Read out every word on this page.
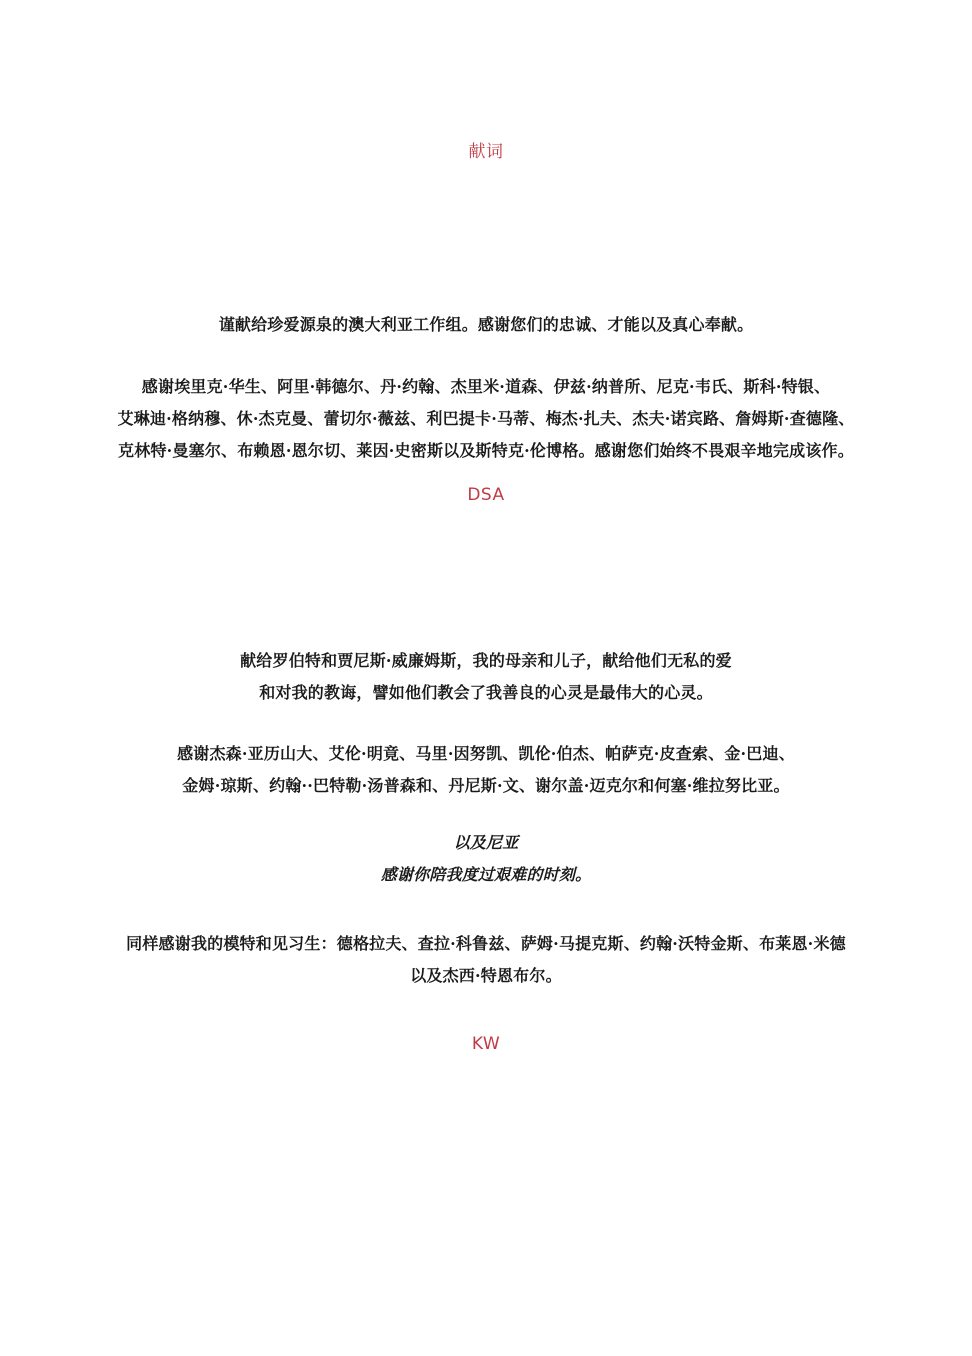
献词
谨献给珍爱源泉的澳大利亚工作组。感谢您们的忠诚、才能以及真心奉献。
感谢埃里克·华生、阿里·韩德尔、丹·约翰、杰里米·道森、伊兹·纳普所、尼克·韦氏、斯科·特银、
艾琳迪·格纳穆、休·杰克曼、蕾切尔·薇兹、利巴提卡·马蒂、梅杰·扎夫、杰夫·诺宾路、詹姆斯·查德隆、
克林特·曼塞尔、布赖恩·恩尔切、莱因·史密斯以及斯特克·伦博格。感谢您们始终不畏艰辛地完成该作。
DSA
献给罗伯特和贾尼斯·威廉姆斯，我的母亲和儿子，献给他们无私的爱
和对我的教诲，譬如他们教会了我善良的心灵是最伟大的心灵。
感谢杰森·亚历山大、艾伦·明竟、马里·因努凯、凯伦·伯杰、帕萨克·皮查索、金·巴迪、
金姆·琼斯、约翰··巴特勒·汤普森和、丹尼斯·文、谢尔盖·迈克尔和何塞·维拉努比亚。
以及尼亚
感谢你陪我度过艰难的时刻。
同样感谢我的模特和见习生：德格拉夫、查拉·科鲁兹、萨姆·马提克斯、约翰·沃特金斯、布莱恩·米德
以及杰西·特恩布尔。
KW
